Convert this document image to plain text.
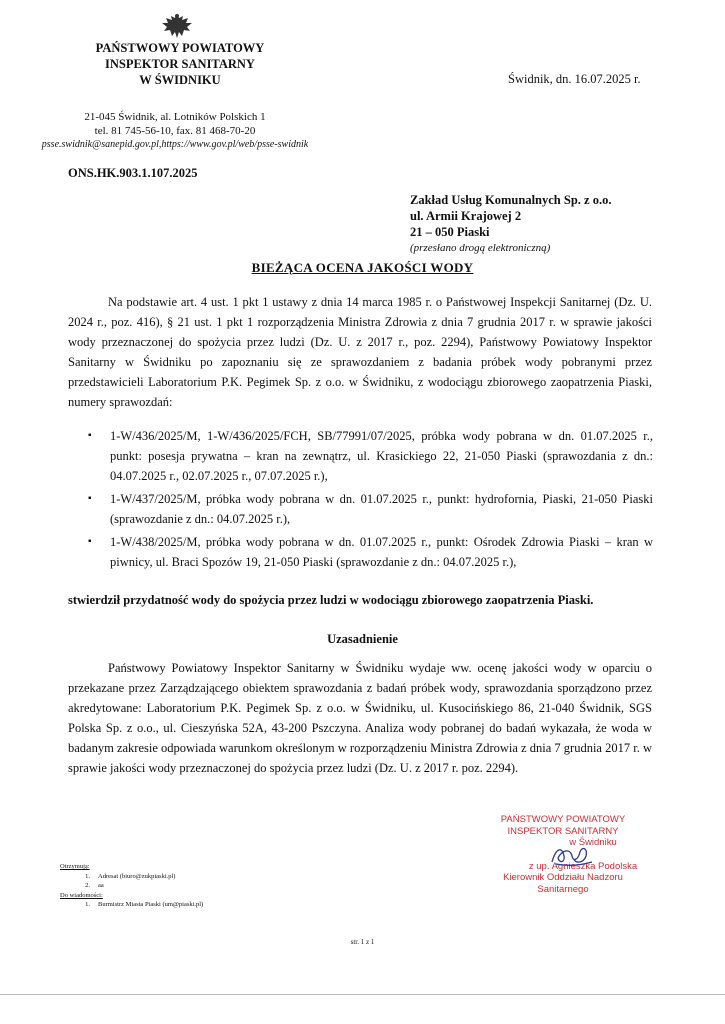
PAŃSTWOWY POWIATOWY
INSPEKTOR SANITARNY
W ŚWIDNIKU	Świdnik, dn. 16.07.2025 r.
21-045 Świdnik, al. Lotników Polskich 1
tel. 81 745-56-10, fax. 81 468-70-20
psse.swidnik@sanepid.gov.pl,https://www.gov.pl/web/psse-swidnik
ONS.HK.903.1.107.2025
Zakład Usług Komunalnych Sp. z o.o.
ul. Armii Krajowej 2
21 – 050 Piaski
(przesłano drogą elektroniczną)
BIEŻĄCA OCENA JAKOŚCI WODY
Na podstawie art. 4 ust. 1 pkt 1 ustawy z dnia 14 marca 1985 r. o Państwowej Inspekcji Sanitarnej (Dz. U. 2024 r., poz. 416), § 21 ust. 1 pkt 1 rozporządzenia Ministra Zdrowia z dnia 7 grudnia 2017 r. w sprawie jakości wody przeznaczonej do spożycia przez ludzi (Dz. U. z 2017 r., poz. 2294), Państwowy Powiatowy Inspektor Sanitarny w Świdniku po zapoznaniu się ze sprawozdaniem z badania próbek wody pobranymi przez przedstawicieli Laboratorium P.K. Pegimek Sp. z o.o. w Świdniku, z wodociągu zbiorowego zaopatrzenia Piaski, numery sprawozdań:
▪ 1-W/436/2025/M, 1-W/436/2025/FCH, SB/77991/07/2025, próbka wody pobrana w dn. 01.07.2025 r., punkt: posesja prywatna – kran na zewnątrz, ul. Krasickiego 22, 21-050 Piaski (sprawozdania z dn.: 04.07.2025 r., 02.07.2025 r., 07.07.2025 r.),
▪ 1-W/437/2025/M, próbka wody pobrana w dn. 01.07.2025 r., punkt: hydrofornia, Piaski, 21-050 Piaski (sprawozdanie z dn.: 04.07.2025 r.),
▪ 1-W/438/2025/M, próbka wody pobrana w dn. 01.07.2025 r., punkt: Ośrodek Zdrowia Piaski – kran w piwnicy, ul. Braci Spozów 19, 21-050 Piaski (sprawozdanie z dn.: 04.07.2025 r.),
stwierdził przydatność wody do spożycia przez ludzi w wodociągu zbiorowego zaopatrzenia Piaski.
Uzasadnienie
Państwowy Powiatowy Inspektor Sanitarny w Świdniku wydaje ww. ocenę jakości wody w oparciu o przekazane przez Zarządzającego obiektem sprawozdania z badań próbek wody, sprawozdania sporządzono przez akredytowane: Laboratorium P.K. Pegimek Sp. z o.o. w Świdniku, ul. Kusocińskiego 86, 21-040 Świdnik, SGS Polska Sp. z o.o., ul. Cieszyńska 52A, 43-200 Pszczyna. Analiza wody pobranej do badań wykazała, że woda w badanym zakresie odpowiada warunkom określonym w rozporządzeniu Ministra Zdrowia z dnia 7 grudnia 2017 r. w sprawie jakości wody przeznaczonej do spożycia przez ludzi (Dz. U. z 2017 r. poz. 2294).
PAŃSTWOWY POWIATOWY
INSPEKTOR SANITARNY
w Świdniku
z up. Agnieszka Podolska
Kierownik Oddziału Nadzoru Sanitarnego
Otrzymują:
1.	Adresat (biuro@zukpiaski.pl)
2.	aa
Do wiadomości:
1.	Burmistrz Miasta Piaski (um@piaski.pl)
str. 1 z 1
